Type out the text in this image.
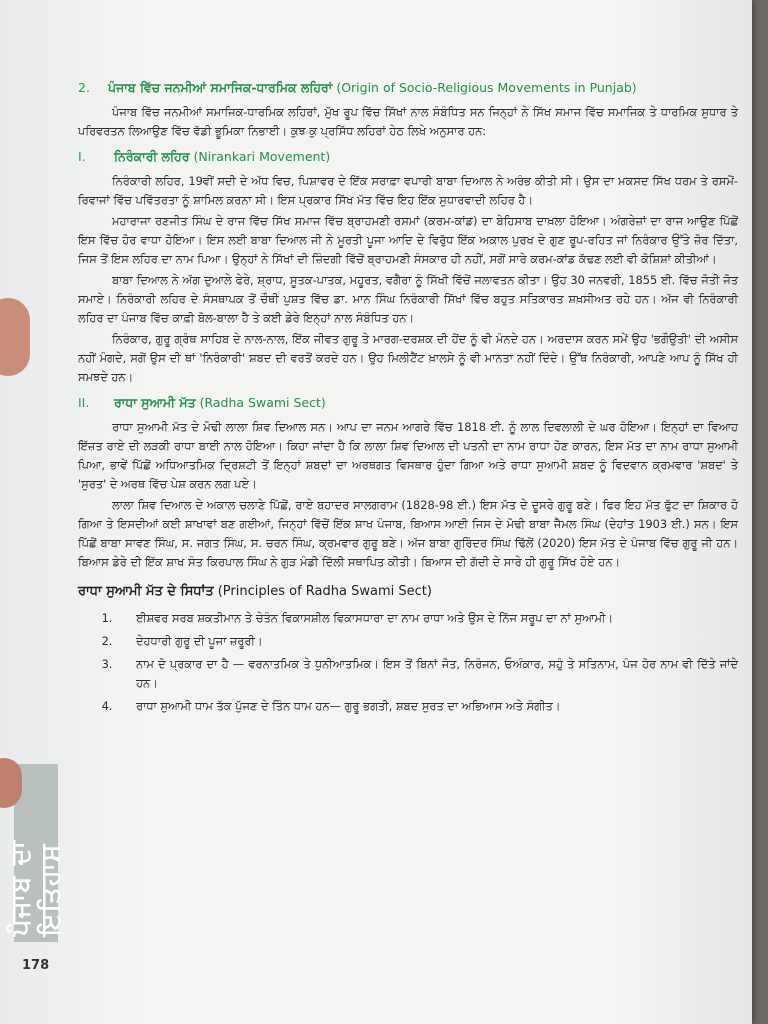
ਪੰਜਾਬ ਦਾ ਇਤਿਹਾਸ
178
2. ਪੰਜਾਬ ਵਿੱਚ ਜਨਮੀਆਂ ਸਮਾਜਿਕ-ਧਾਰਮਿਕ ਲਹਿਰਾਂ (Origin of Socio-Religious Movements in Punjab)

ਪੰਜਾਬ ਵਿੱਚ ਜਨਮੀਆਂ ਸਮਾਜਿਕ-ਧਾਰਮਿਕ ਲਹਿਰਾਂ, ਮੁੱਖ ਰੂਪ ਵਿੱਚ ਸਿੱਖਾਂ ਨਾਲ ਸੰਬੰਧਿਤ ਸਨ ਜਿਨ੍ਹਾਂ ਨੇ ਸਿੱਖ ਸਮਾਜ ਵਿੱਚ ਸਮਾਜਿਕ ਤੇ ਧਾਰਮਿਕ ਸੁਧਾਰ ਤੇ ਪਰਿਵਰਤਨ ਲਿਆਉਣ ਵਿੱਚ ਵੱਡੀ ਭੂਮਿਕਾ ਨਿਭਾਈ। ਕੁਝ ਕੁ ਪ੍ਰਸਿੱਧ ਲਹਿਰਾਂ ਹੇਠ ਲਿਖੇ ਅਨੁਸਾਰ ਹਨ:

I. ਨਿਰੰਕਾਰੀ ਲਹਿਰ (Nirankari Movement)

ਨਿਰੰਕਾਰੀ ਲਹਿਰ, 19ਵੀਂ ਸਦੀ ਦੇ ਅੱਧ ਵਿਚ, ਪਿਸ਼ਾਵਰ ਦੇ ਇੱਕ ਸਰਾਫ਼ਾ ਵਪਾਰੀ ਬਾਬਾ ਦਿਆਲ ਨੇ ਅਰੰਭ ਕੀਤੀ ਸੀ। ਉਸ ਦਾ ਮਕਸਦ ਸਿੱਖ ਧਰਮ ਤੇ ਰਸਮੋਂ-ਰਿਵਾਜਾਂ ਵਿੱਚ ਪਵਿੱਤਰਤਾ ਨੂੰ ਸ਼ਾਮਿਲ ਕਰਨਾ ਸੀ। ਇਸ ਪ੍ਰਕਾਰ ਸਿੱਖ ਮੱਤ ਵਿੱਚ ਇਹ ਇੱਕ ਸੁਧਾਰਵਾਦੀ ਲਹਿਰ ਹੈ।

ਮਹਾਰਾਜਾ ਰਣਜੀਤ ਸਿੰਘ ਦੇ ਰਾਜ ਵਿੱਚ ਸਿੱਖ ਸਮਾਜ ਵਿੱਚ ਬ੍ਰਾਹਮਣੀ ਰਸਮਾਂ (ਕਰਮ-ਕਾਂਡ) ਦਾ ਬੇਹਿਸਾਬ ਦਾਖ਼ਲਾ ਹੋਇਆ। ਅੰਗਰੇਜ਼ਾਂ ਦਾ ਰਾਜ ਆਉਣ ਪਿੱਛੋਂ ਇਸ ਵਿੱਚ ਹੋਰ ਵਾਧਾ ਹੋਇਆ। ਇਸ ਲਈ ਬਾਬਾ ਦਿਆਲ ਜੀ ਨੇ ਮੂਰਤੀ ਪੂਜਾ ਆਦਿ ਦੇ ਵਿਰੁੱਧ ਇੱਕ ਅਕਾਲ ਪੁਰਖ ਦੇ ਗੁਣ ਰੂਪ-ਰਹਿਤ ਜਾਂ ਨਿਰੰਕਾਰ ਉੱਤੇ ਜ਼ੋਰ ਦਿੱਤਾ, ਜਿਸ ਤੋਂ ਇਸ ਲਹਿਰ ਦਾ ਨਾਮ ਪਿਆ। ਉਨ੍ਹਾਂ ਨੇ ਸਿੱਖਾਂ ਦੀ ਜ਼ਿੰਦਗੀ ਵਿੱਚੋਂ ਬ੍ਰਾਹਮਣੀ ਸੰਸਕਾਰ ਹੀ ਨਹੀਂ, ਸਗੋਂ ਸਾਰੇ ਕਰਮ-ਕਾਂਡ ਕੱਢਣ ਲਈ ਵੀ ਕੋਸ਼ਿਸ਼ਾਂ ਕੀਤੀਆਂ।

ਬਾਬਾ ਦਿਆਲ ਨੇ ਅੱਗ ਦੁਆਲੇ ਫੇਰੇ, ਸ਼੍ਰਾਧ, ਸੂਤਕ-ਪਾਤਕ, ਮਹੂਰਤ, ਵਗੈਰਾ ਨੂੰ ਸਿੱਖੀ ਵਿੱਚੋਂ ਜਲਾਵਤਨ ਕੀਤਾ। ਉਹ 30 ਜਨਵਰੀ, 1855 ਈ. ਵਿੱਚ ਜੋਤੀ ਜੋਤ ਸਮਾਏ। ਨਿਰੰਕਾਰੀ ਲਹਿਰ ਦੇ ਸੰਸਥਾਪਕ ਤੋਂ ਚੌਥੀ ਪੁਸ਼ਤ ਵਿੱਚ ਡਾ. ਮਾਨ ਸਿੰਘ ਨਿਰੰਕਾਰੀ ਸਿੱਖਾਂ ਵਿੱਚ ਬਹੁਤ ਸਤਿਕਾਰਤ ਸ਼ਖ਼ਸੀਅਤ ਰਹੇ ਹਨ। ਅੱਜ ਵੀ ਨਿਰੰਕਾਰੀ ਲਹਿਰ ਦਾ ਪੰਜਾਬ ਵਿੱਚ ਕਾਫ਼ੀ ਬੋਲ-ਬਾਲਾ ਹੈ ਤੇ ਕਈ ਡੇਰੇ ਇਨ੍ਹਾਂ ਨਾਲ ਸੰਬੰਧਿਤ ਹਨ।

ਨਿਰੰਕਾਰ, ਗੁਰੂ ਗ੍ਰੰਥ ਸਾਹਿਬ ਦੇ ਨਾਲ-ਨਾਲ, ਇੱਕ ਜੀਵਤ ਗੁਰੂ ਤੇ ਮਾਰਗ-ਦਰਸ਼ਕ ਦੀ ਹੋਂਦ ਨੂੰ ਵੀ ਮੰਨਦੇ ਹਨ। ਅਰਦਾਸ ਕਰਨ ਸਮੇਂ ਉਹ 'ਭਗੌਉਤੀ' ਦੀ ਅਸੀਸ ਨਹੀਂ ਮੰਗਦੇ, ਸਗੋਂ ਉਸ ਦੀ ਥਾਂ 'ਨਿਰੰਕਾਰੀ' ਸ਼ਬਦ ਦੀ ਵਰਤੋਂ ਕਰਦੇ ਹਨ। ਉਹ ਮਿਲੀਟੈਂਟ ਖ਼ਾਲਸੇ ਨੂੰ ਵੀ ਮਾਨਤਾ ਨਹੀਂ ਦਿੰਦੇ। ਉੱਥ ਨਿਰੰਕਾਰੀ, ਆਪਣੇ ਆਪ ਨੂੰ ਸਿੱਖ ਹੀ ਸਮਝਦੇ ਹਨ।

II. ਰਾਧਾ ਸੁਆਮੀ ਮੱਤ (Radha Swami Sect)

ਰਾਧਾ ਸੁਆਮੀ ਮੱਤ ਦੇ ਮੋਢੀ ਲਾਲਾ ਸ਼ਿਵ ਦਿਆਲ ਸਨ। ਆਪ ਦਾ ਜਨਮ ਆਗਰੇ ਵਿੱਚ 1818 ਈ. ਨੂੰ ਲਾਲ ਦਿਵਲਾਲੀ ਦੇ ਘਰ ਹੋਇਆ। ਇਨ੍ਹਾਂ ਦਾ ਵਿਆਹ ਇੱਜ਼ਤ ਰਾਏ ਦੀ ਲੜਕੀ ਰਾਧਾ ਬਾਈ ਨਾਲ ਹੋਇਆ। ਕਿਹਾ ਜਾਂਦਾ ਹੈ ਕਿ ਲਾਲਾ ਸ਼ਿਵ ਦਿਆਲ ਦੀ ਪਤਨੀ ਦਾ ਨਾਮ ਰਾਧਾ ਹੋਣ ਕਾਰਨ, ਇਸ ਮੱਤ ਦਾ ਨਾਮ ਰਾਧਾ ਸੁਆਮੀ ਪਿਆ, ਭਾਵੇਂ ਪਿੱਛੋਂ ਅਧਿਆਤਮਿਕ ਦ੍ਰਿਸ਼ਟੀ ਤੋਂ ਇਨ੍ਹਾਂ ਸ਼ਬਦਾਂ ਦਾ ਅਰਥਗਤ ਵਿਸਥਾਰ ਹੁੰਦਾ ਗਿਆ ਅਤੇ ਰਾਧਾ ਸੁਆਮੀ ਸ਼ਬਦ ਨੂੰ ਵਿਦਵਾਨ ਕ੍ਰਮਵਾਰ 'ਸ਼ਬਦ' ਤੇ 'ਸੁਰਤ' ਦੇ ਅਰਥ ਵਿੱਚ ਪੇਸ਼ ਕਰਨ ਲਗ ਪਏ।

ਲਾਲਾ ਸ਼ਿਵ ਦਿਆਲ ਦੇ ਅਕਾਲ ਚਲਾਣੇ ਪਿੱਛੋਂ, ਰਾਏ ਬਹਾਦਰ ਸਾਲਗਰਾਮ (1828-98 ਈ.) ਇਸ ਮੱਤ ਦੇ ਦੂਸਰੇ ਗੁਰੂ ਬਣੇ। ਫਿਰ ਇਹ ਮੱਤ ਫੁੱਟ ਦਾ ਸ਼ਿਕਾਰ ਹੋ ਗਿਆ ਤੇ ਇਸਦੀਆਂ ਕਈ ਸ਼ਾਖਾਵਾਂ ਬਣ ਗਈਆਂ, ਜਿਨ੍ਹਾਂ ਵਿੱਚੋਂ ਇੱਕ ਸ਼ਾਖ ਪੰਜਾਬ, ਬਿਆਸ ਆਈ ਜਿਸ ਦੇ ਮੋਢੀ ਬਾਬਾ ਜੈਮਲ ਸਿੰਘ (ਦੇਹਾਂਤ 1903 ਈ.) ਸਨ। ਇਸ ਪਿੱਛੋਂ ਬਾਬਾ ਸਾਵਣ ਸਿੰਘ, ਸ. ਜਗਤ ਸਿੰਘ, ਸ. ਚਰਨ ਸਿੰਘ, ਕ੍ਰਮਵਾਰ ਗੁਰੂ ਬਣੇ। ਅੱਜ ਬਾਬਾ ਗੁਰਿੰਦਰ ਸਿੰਘ ਢਿੱਲੋਂ (2020) ਇਸ ਮੱਤ ਦੇ ਪੰਜਾਬ ਵਿੱਚ ਗੁਰੂ ਜੀ ਹਨ। ਬਿਆਸ ਡੇਰੇ ਦੀ ਇੱਕ ਸ਼ਾਖ ਸੰਤ ਕਿਰਪਾਲ ਸਿੰਘ ਨੇ ਗੁੜ ਮੰਡੀ ਦਿੱਲੀ ਸਥਾਪਿਤ ਕੀਤੀ। ਬਿਆਸ ਦੀ ਗੱਦੀ ਦੇ ਸਾਰੇ ਹੀ ਗੁਰੂ ਸਿੱਖ ਹੋਏ ਹਨ।

ਰਾਧਾ ਸੁਆਮੀ ਮੱਤ ਦੇ ਸਿਧਾਂਤ (Principles of Radha Swami Sect)
1.	ਈਸ਼ਵਰ ਸਰਬ ਸ਼ਕਤੀਮਾਨ ਤੇ ਚੇਤੰਨ ਵਿਕਾਸਸ਼ੀਲ ਵਿਕਾਸਧਾਰਾ ਦਾ ਨਾਮ ਰਾਧਾ ਅਤੇ ਉਸ ਦੇ ਨਿੱਜ ਸਰੂਪ ਦਾ ਨਾਂ ਸੁਆਮੀ।
2.	ਦੇਹਧਾਰੀ ਗੁਰੂ ਦੀ ਪੂਜਾ ਜ਼ਰੂਰੀ।
3.	ਨਾਮ ਦੋ ਪ੍ਰਕਾਰ ਦਾ ਹੈ — ਵਰਨਾਤਮਿਕ ਤੇ ਧੁਨੀਆਤਮਿਕ। ਇਸ ਤੋਂ ਬਿਨਾਂ ਜੋਤ, ਨਿਰੰਜਨ, ਓਅੰਕਾਰ, ਸਹੁੰ ਤੇ ਸਤਿਨਾਮ, ਪੰਜ ਹੋਰ ਨਾਮ ਵੀ ਦਿੱਤੇ ਜਾਂਦੇ ਹਨ।
4.	ਰਾਧਾ ਸੁਆਮੀ ਧਾਮ ਤੱਕ ਪੁੱਜਣ ਦੇ ਤਿੰਨ ਧਾਮ ਹਨ— ਗੁਰੂ ਭਗਤੀ, ਸ਼ਬਦ ਸੁਰਤ ਦਾ ਅਭਿਆਸ ਅਤੇ ਸੰਗੀਤ।
